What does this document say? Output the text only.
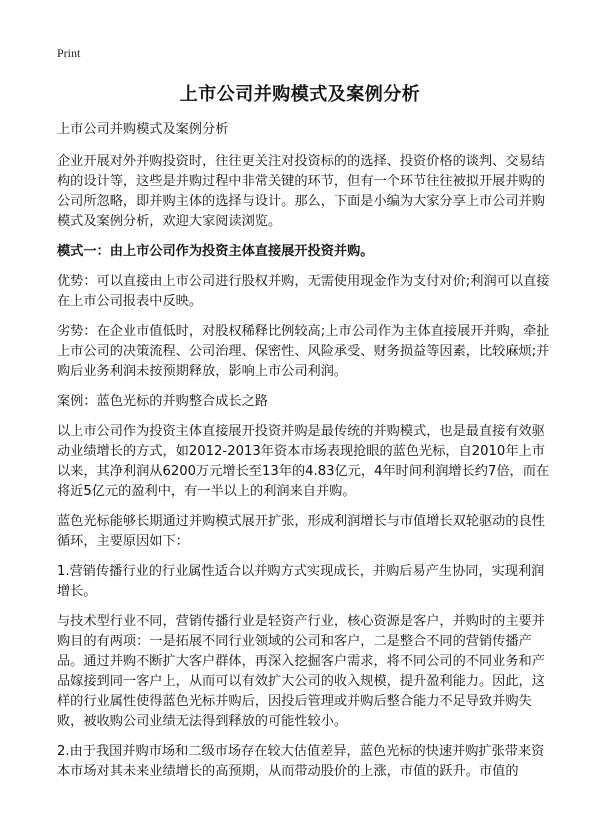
Print
上市公司并购模式及案例分析
上市公司并购模式及案例分析
企业开展对外并购投资时，往往更关注对投资标的的选择、投资价格的谈判、交易结构的设计等，这些是并购过程中非常关键的环节，但有一个环节往往被拟开展并购的公司所忽略，即并购主体的选择与设计。那么，下面是小编为大家分享上市公司并购模式及案例分析，欢迎大家阅读浏览。
模式一：由上市公司作为投资主体直接展开投资并购。
优势：可以直接由上市公司进行股权并购，无需使用现金作为支付对价;利润可以直接在上市公司报表中反映。
劣势：在企业市值低时，对股权稀释比例较高;上市公司作为主体直接展开并购，牵扯上市公司的决策流程、公司治理、保密性、风险承受、财务损益等因素，比较麻烦;并购后业务利润未按预期释放，影响上市公司利润。
案例：蓝色光标的并购整合成长之路
以上市公司作为投资主体直接展开投资并购是最传统的并购模式，也是最直接有效驱动业绩增长的方式，如2012-2013年资本市场表现抢眼的蓝色光标，自2010年上市以来，其净利润从6200万元增长至13年的4.83亿元，4年时间利润增长约7倍，而在将近5亿元的盈利中，有一半以上的利润来自并购。
蓝色光标能够长期通过并购模式展开扩张，形成利润增长与市值增长双轮驱动的良性循环，主要原因如下：
1.营销传播行业的行业属性适合以并购方式实现成长，并购后易产生协同，实现利润增长。
与技术型行业不同，营销传播行业是轻资产行业，核心资源是客户，并购时的主要并购目的有两项：一是拓展不同行业领域的公司和客户，二是整合不同的营销传播产品。通过并购不断扩大客户群体，再深入挖掘客户需求，将不同公司的不同业务和产品嫁接到同一客户上，从而可以有效扩大公司的收入规模，提升盈利能力。因此，这样的行业属性使得蓝色光标并购后，因投后管理或并购后整合能力不足导致并购失败，被收购公司业绩无法得到释放的可能性较小。
2.由于我国并购市场和二级市场存在较大估值差异，蓝色光标的快速并购扩张带来资本市场对其未来业绩增长的高预期，从而带动股价的上涨，市值的跃升。市值的
